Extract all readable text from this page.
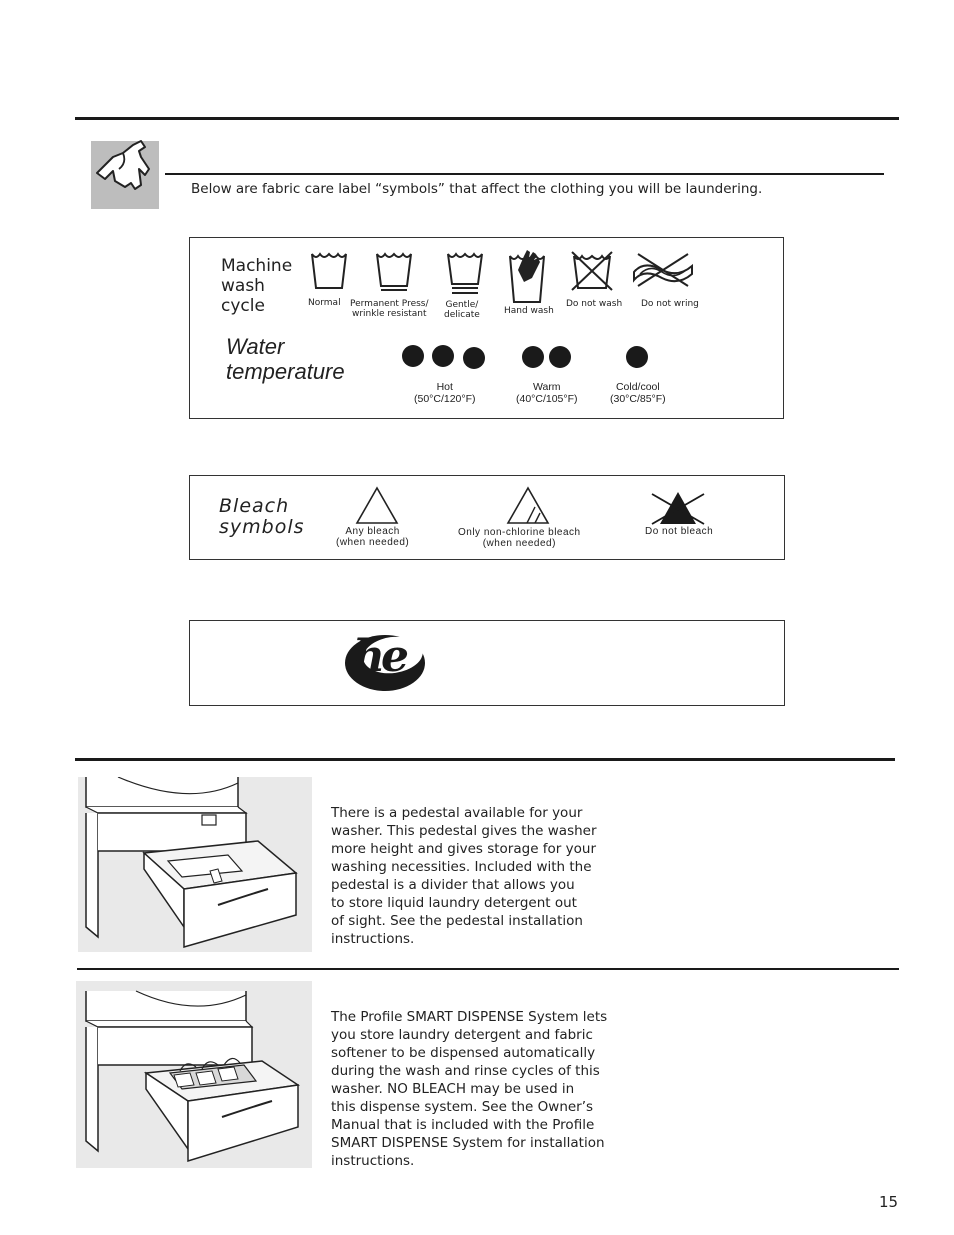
Below are fabric care label “symbols” that affect the clothing you will be laundering.
Machine
wash
cycle	Normal Permanent Press/
wrinkle resistant
Gentle/
delicate	Hand wash
Do not wash Do not wring
Water
temperature
Hot
(50°C/120°F)
Warm
(40°C/105°F)
Cold/cool
(30°C/85°F)
Bleach
symbols	Any bleach
(when needed)
Only non-chlorine bleach
(when needed)
Do not bleach
he
There is a pedestal available for your
washer. This pedestal gives the washer
more height and gives storage for your
washing necessities. Included with the
pedestal is a divider that allows you
to store liquid laundry detergent out
of sight. See the pedestal installation
instructions.
The Profile SMART DISPENSE System lets
you store laundry detergent and fabric
softener to be dispensed automatically
during the wash and rinse cycles of this
washer. NO BLEACH may be used in
this dispense system. See the Owner’s
Manual that is included with the Profile
SMART DISPENSE System for installation
instructions.
15
